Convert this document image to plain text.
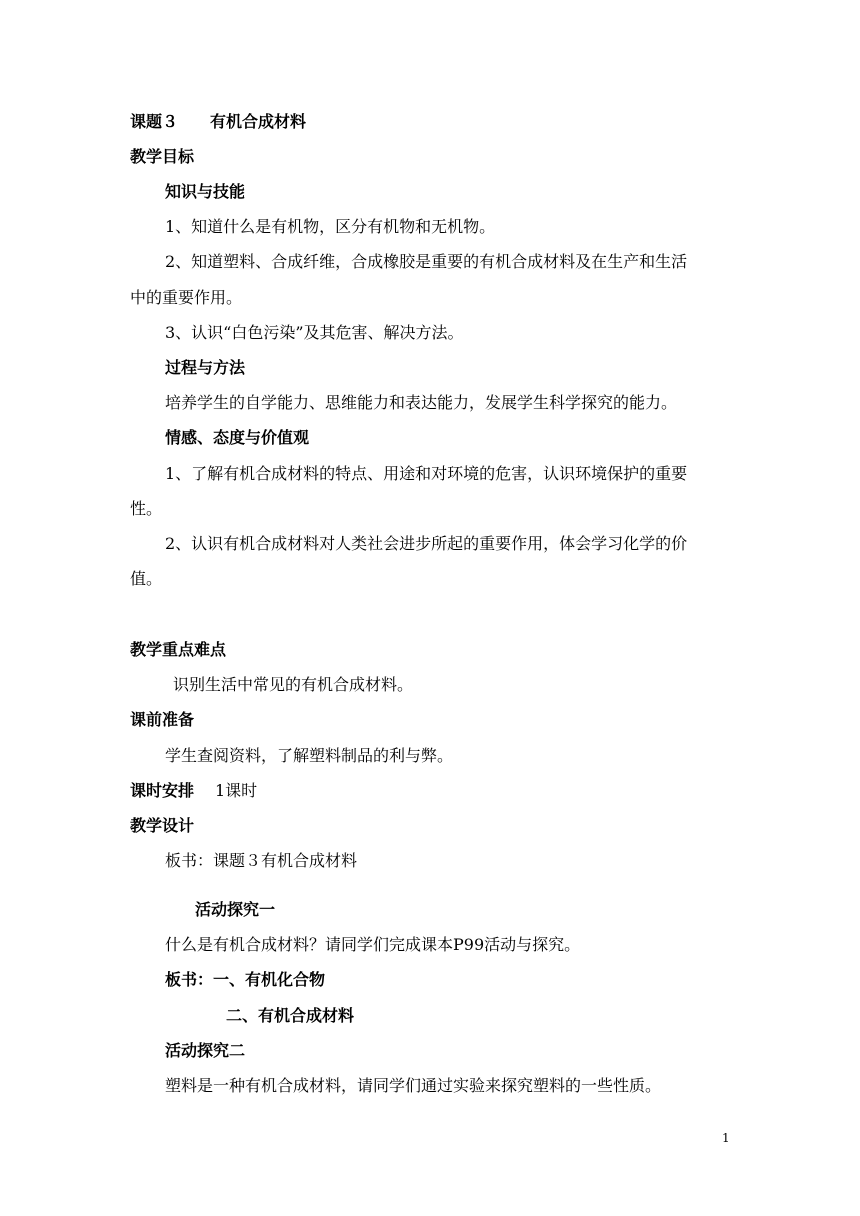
课题３　　有机合成材料
教学目标
知识与技能
1、知道什么是有机物，区分有机物和无机物。
2、知道塑料、合成纤维，合成橡胶是重要的有机合成材料及在生产和生活
中的重要作用。
3、认识“白色污染”及其危害、解决方法。
过程与方法
培养学生的自学能力、思维能力和表达能力，发展学生科学探究的能力。
情感、态度与价值观
1、了解有机合成材料的特点、用途和对环境的危害，认识环境保护的重要
性。
2、认识有机合成材料对人类社会进步所起的重要作用，体会学习化学的价
值。
教学重点难点
识别生活中常见的有机合成材料。
课前准备
学生查阅资料，了解塑料制品的利与弊。
课时安排 1课时
教学设计
板书：课题３有机合成材料
活动探究一
什么是有机合成材料？请同学们完成课本P99活动与探究。
板书：一、有机化合物
二、有机合成材料
活动探究二
塑料是一种有机合成材料，请同学们通过实验来探究塑料的一些性质。
1
